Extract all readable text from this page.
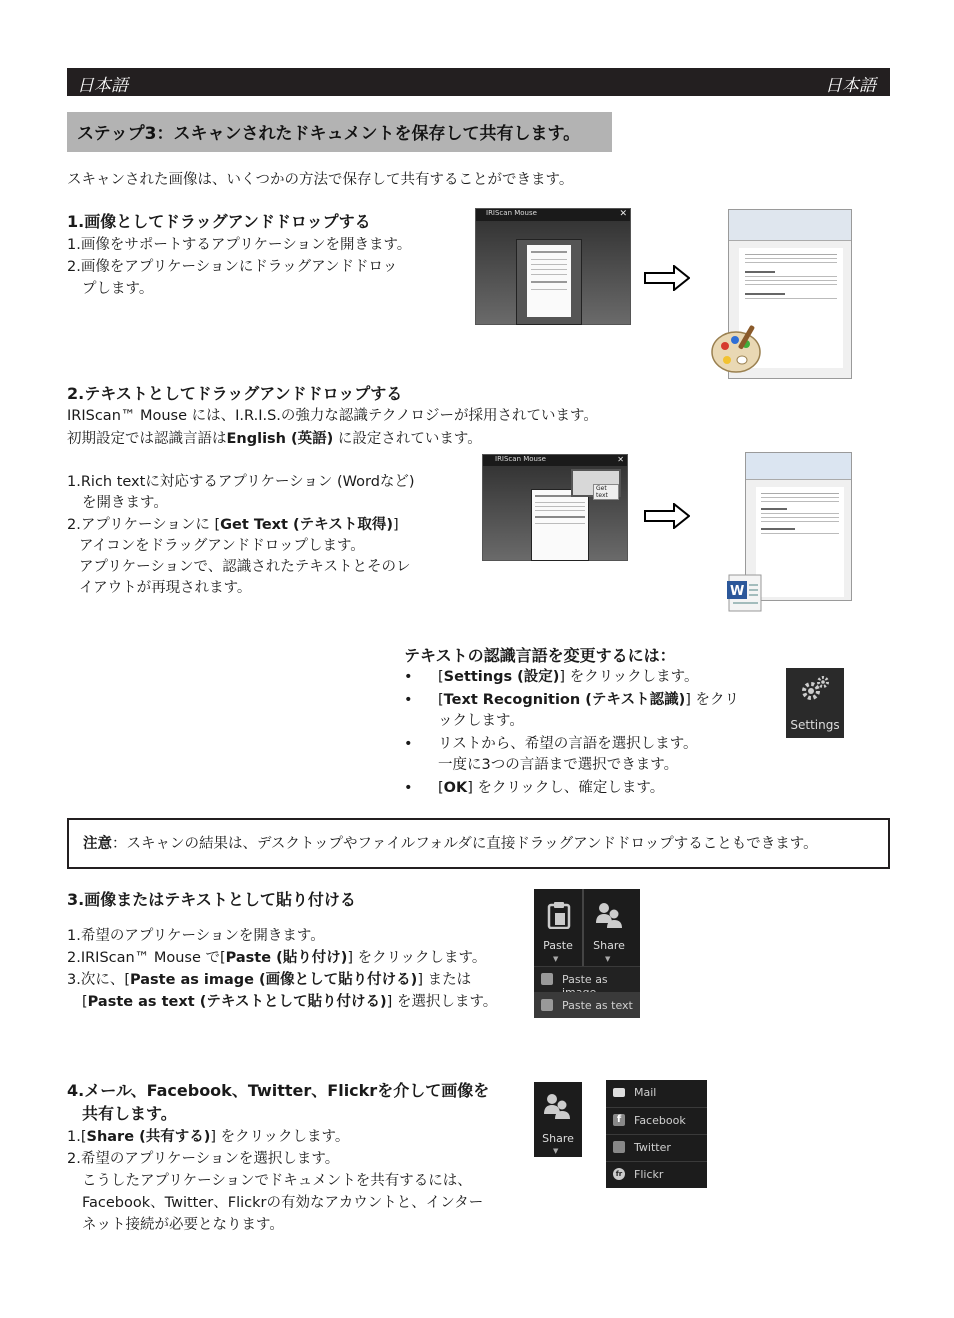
日本語	日本語
ステップ3：スキャンされたドキュメントを保存して共有します。
スキャンされた画像は、いくつかの方法で保存して共有することができます。
1.画像としてドラッグアンドドロップする
1.画像をサポートするアプリケーションを開きます。
2.画像をアプリケーションにドラッグアンドドロッ
プします。
IRIScan Mouse	✕
2.テキストとしてドラッグアンドドロップする
IRIScan™ Mouse には、I.R.I.S.の強力な認識テクノロジーが採用されています。
初期設定では認識言語はEnglish (英語) に設定されています。
1.Rich textに対応するアプリケーション (Wordなど)
を開きます。
2.アプリケーションに [Get Text (テキスト取得)]
アイコンをドラッグアンドドロップします。
アプリケーションで、認識されたテキストとそのレ
イアウトが再現されます。
IRIScan Mouse	✕
Get text
W
テキストの認識言語を変更するには：
• [Settings (設定)] をクリックします。
• [Text Recognition (テキスト認識)] をクリ
ックします。
• リストから、希望の言語を選択します。
一度に3つの言語まで選択できます。
• [OK] をクリックし、確定します。
Settings
注意：スキャンの結果は、デスクトップやファイルフォルダに直接ドラッグアンドドロップすることもできます。
3.画像またはテキストとして貼り付ける
1.希望のアプリケーションを開きます。
2.IRIScan™ Mouse で[Paste (貼り付け)] をクリックします。
3.次に、[Paste as image (画像として貼り付ける)] または
[Paste as text (テキストとして貼り付ける)] を選択します。
Paste
▼
Share
▼
Paste as
Paste as text
4.メール、Facebook、Twitter、Flickrを介して画像を
共有します。
1.[Share (共有する)] をクリックします。
2.希望のアプリケーションを選択します。
こうしたアプリケーションでドキュメントを共有するには、
Facebook、Twitter、Flickrの有効なアカウントと、インター
ネット接続が必要となります。
Share
▼
Mail
f	Facebook
Twitter
fr Flickr
